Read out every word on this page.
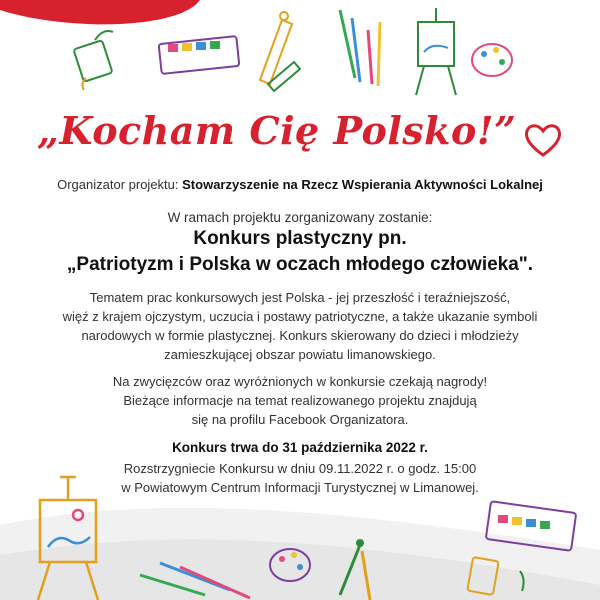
„Kocham Cię Polsko!”
Organizator projektu: Stowarzyszenie na Rzecz Wspierania Aktywności Lokalnej
W ramach projektu zorganizowany zostanie:
Konkurs plastyczny pn.
„Patriotyzm i Polska w oczach młodego człowieka".
Tematem prac konkursowych jest Polska - jej przeszłość i teraźniejszość,
więź z krajem ojczystym, uczucia i postawy patriotyczne, a także ukazanie symboli
narodowych w formie plastycznej. Konkurs skierowany do dzieci i młodzieży
zamieszkującej obszar powiatu limanowskiego.
Na zwycięzców oraz wyróżnionych w konkursie czekają nagrody!
Bieżące informacje na temat realizowanego projektu znajdują
się na profilu Facebook Organizatora.
Konkurs trwa do 31 października 2022 r.
Rozstrzygniecie Konkursu w dniu 09.11.2022 r. o godz. 15:00
w Powiatowym Centrum Informacji Turystycznej w Limanowej.
